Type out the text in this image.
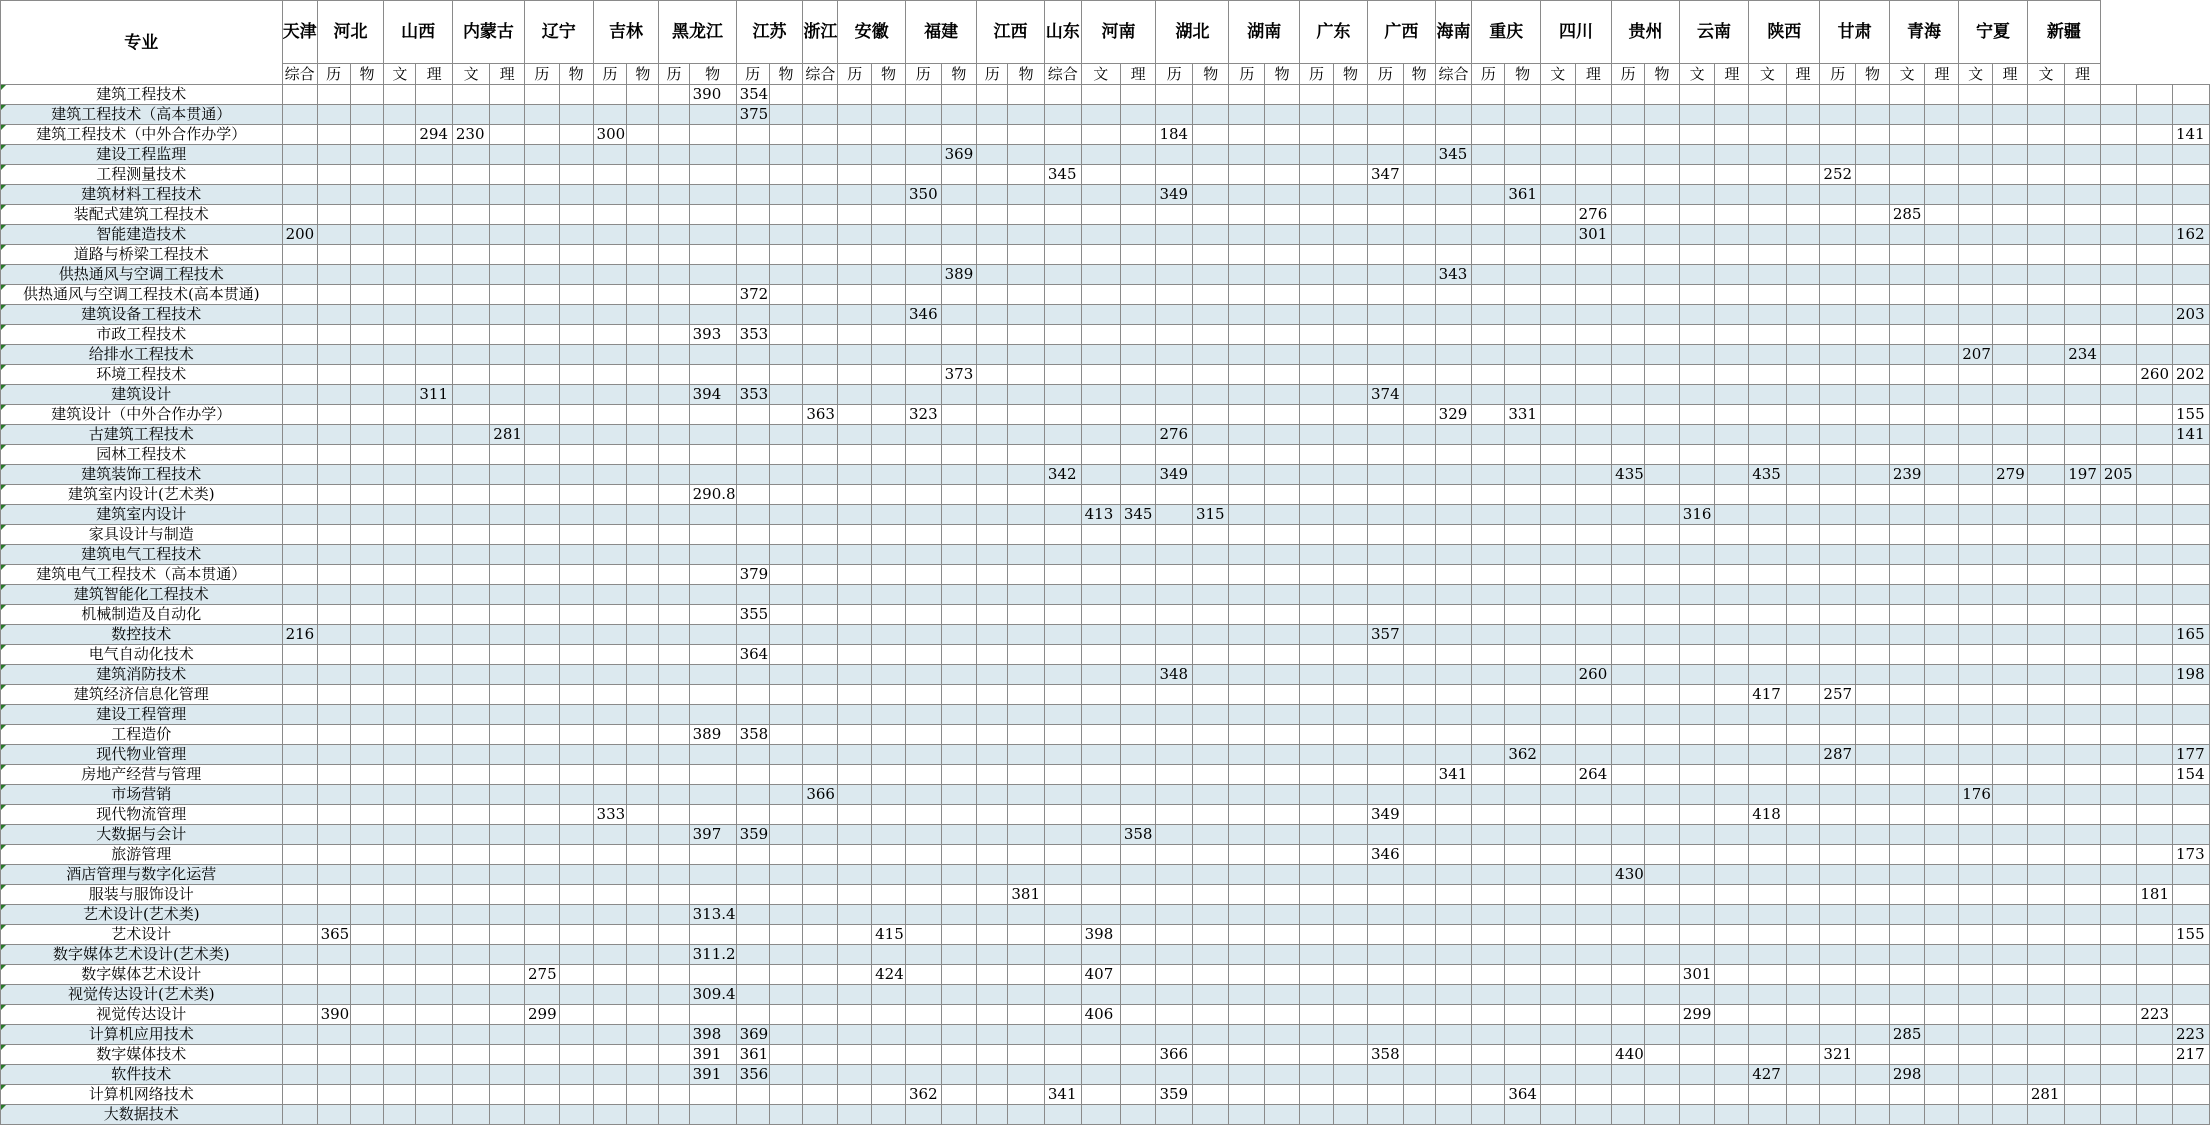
专业	天津	河北		山西		内蒙古		辽宁		吉林		黑龙江		江苏		浙江	安徽		福建		江西		山东	河南		湖北		湖南		广东		广西		海南	重庆		四川		贵州		云南		陕西		甘肃		青海		宁夏		新疆				
	综合	历	物	文	理	文	理	历	物	历	物	历	物	历	物	综合	历	物	历	物	历	物	综合	文	理	历	物	历	物	历	物	历	物	综合	历	物	文	理	历	物	文	理	文	理	历	物	文	理	文	理	文	理			
建筑工程技术													390	354																																									
建筑工程技术（高本贯通）														375																																									
建筑工程技术（中外合作办学）					294	230				300																184																													141
建设工程监理																				369														345																					
工程测量技术																							345									347													252										
建筑材料工程技术																			350							349										361																			
装配式建筑工程技术																																						276									285								
智能建造技术	200																																					301																	162
道路与桥梁工程技术																																																							
供热通风与空调工程技术																				389														343																					
供热通风与空调工程技术(高本贯通)														372																																									
建筑设备工程技术																			346																																				203
市政工程技术													393	353																																									
给排水工程技术																																																	207			234			
环境工程技术																				373																																		260	202
建筑设计					311								394	353																		374																							
建筑设计（中外合作办学）																363			323															329		331																			155
古建筑工程技术							281																			276																													141
园林工程技术																																																							
建筑装饰工程技术																							342			349													435				435				239			279		197	205		
建筑室内设计(艺术类)													290.8																																										
建筑室内设计																								413	345		315														316														
家具设计与制造																																																							
建筑电气工程技术																																																							
建筑电气工程技术（高本贯通）														379																																									
建筑智能化工程技术																																																							
机械制造及自动化														355																																									
数控技术	216																															357																							165
电气自动化技术														364																																									
建筑消防技术																										348												260																	198
建筑经济信息化管理																																											417		257										
建设工程管理																																																							
工程造价													389	358																																									
现代物业管理																																				362									287										177
房地产经营与管理																																		341				264																	154
市场营销																366																																	176						
现代物流管理										333																						349											418												
大数据与会计													397	359											358																														
旅游管理																																346																							173
酒店管理与数字化运营																																							430																
服装与服饰设计																						381																																181	
艺术设计(艺术类)													313.4																																										
艺术设计		365																415						398																															155
数字媒体艺术设计(艺术类)													311.2																																										
数字媒体艺术设计								275										424						407																	301														
视觉传达设计(艺术类)													309.4																																										
视觉传达设计		390						299																406																	299													223	
计算机应用技术													398	369																																	285								223
数字媒体技术													391	361												366						358							440						321										217
软件技术													391	356																													427				298								
计算机网络技术																			362				341			359										364															281				
大数据技术																																																							
